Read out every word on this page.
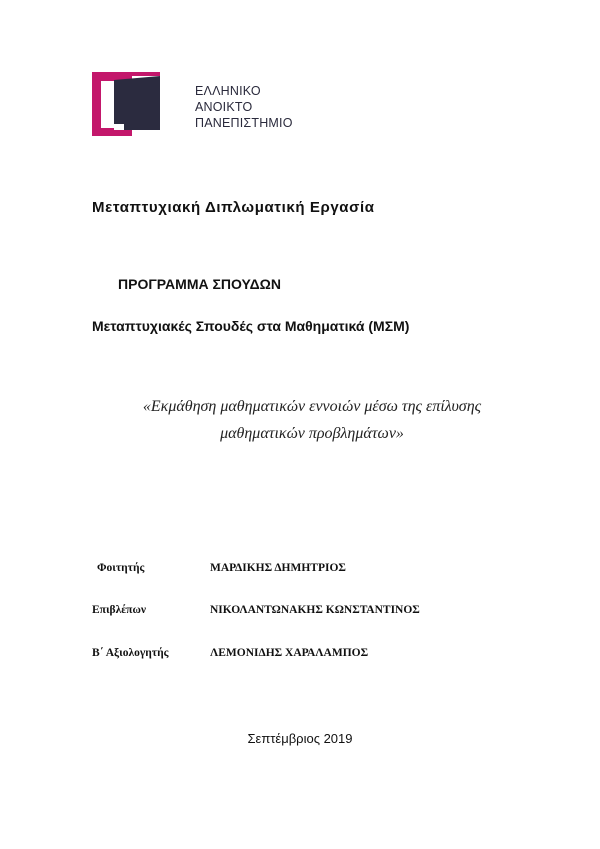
ΕΛΛΗΝΙΚΟ
ΑΝΟΙΚΤΟ
ΠΑΝΕΠΙΣΤΗΜΙΟ
Μεταπτυχιακή Διπλωματική Εργασία
ΠΡΟΓΡΑΜΜΑ ΣΠΟΥΔΩΝ
Μεταπτυχιακές Σπουδές στα Μαθηματικά (ΜΣΜ)
«Εκμάθηση μαθηματικών εννοιών μέσω της επίλυσης
μαθηματικών προβλημάτων»
Φοιτητής	ΜΑΡΔΙΚΗΣ ΔΗΜΗΤΡΙΟΣ
Επιβλέπων	ΝΙΚΟΛΑΝΤΩΝΑΚΗΣ ΚΩΝΣΤΑΝΤΙΝΟΣ
Β΄ Αξιολογητής	ΛΕΜΟΝΙΔΗΣ ΧΑΡΑΛΑΜΠΟΣ
Σεπτέμβριος 2019
